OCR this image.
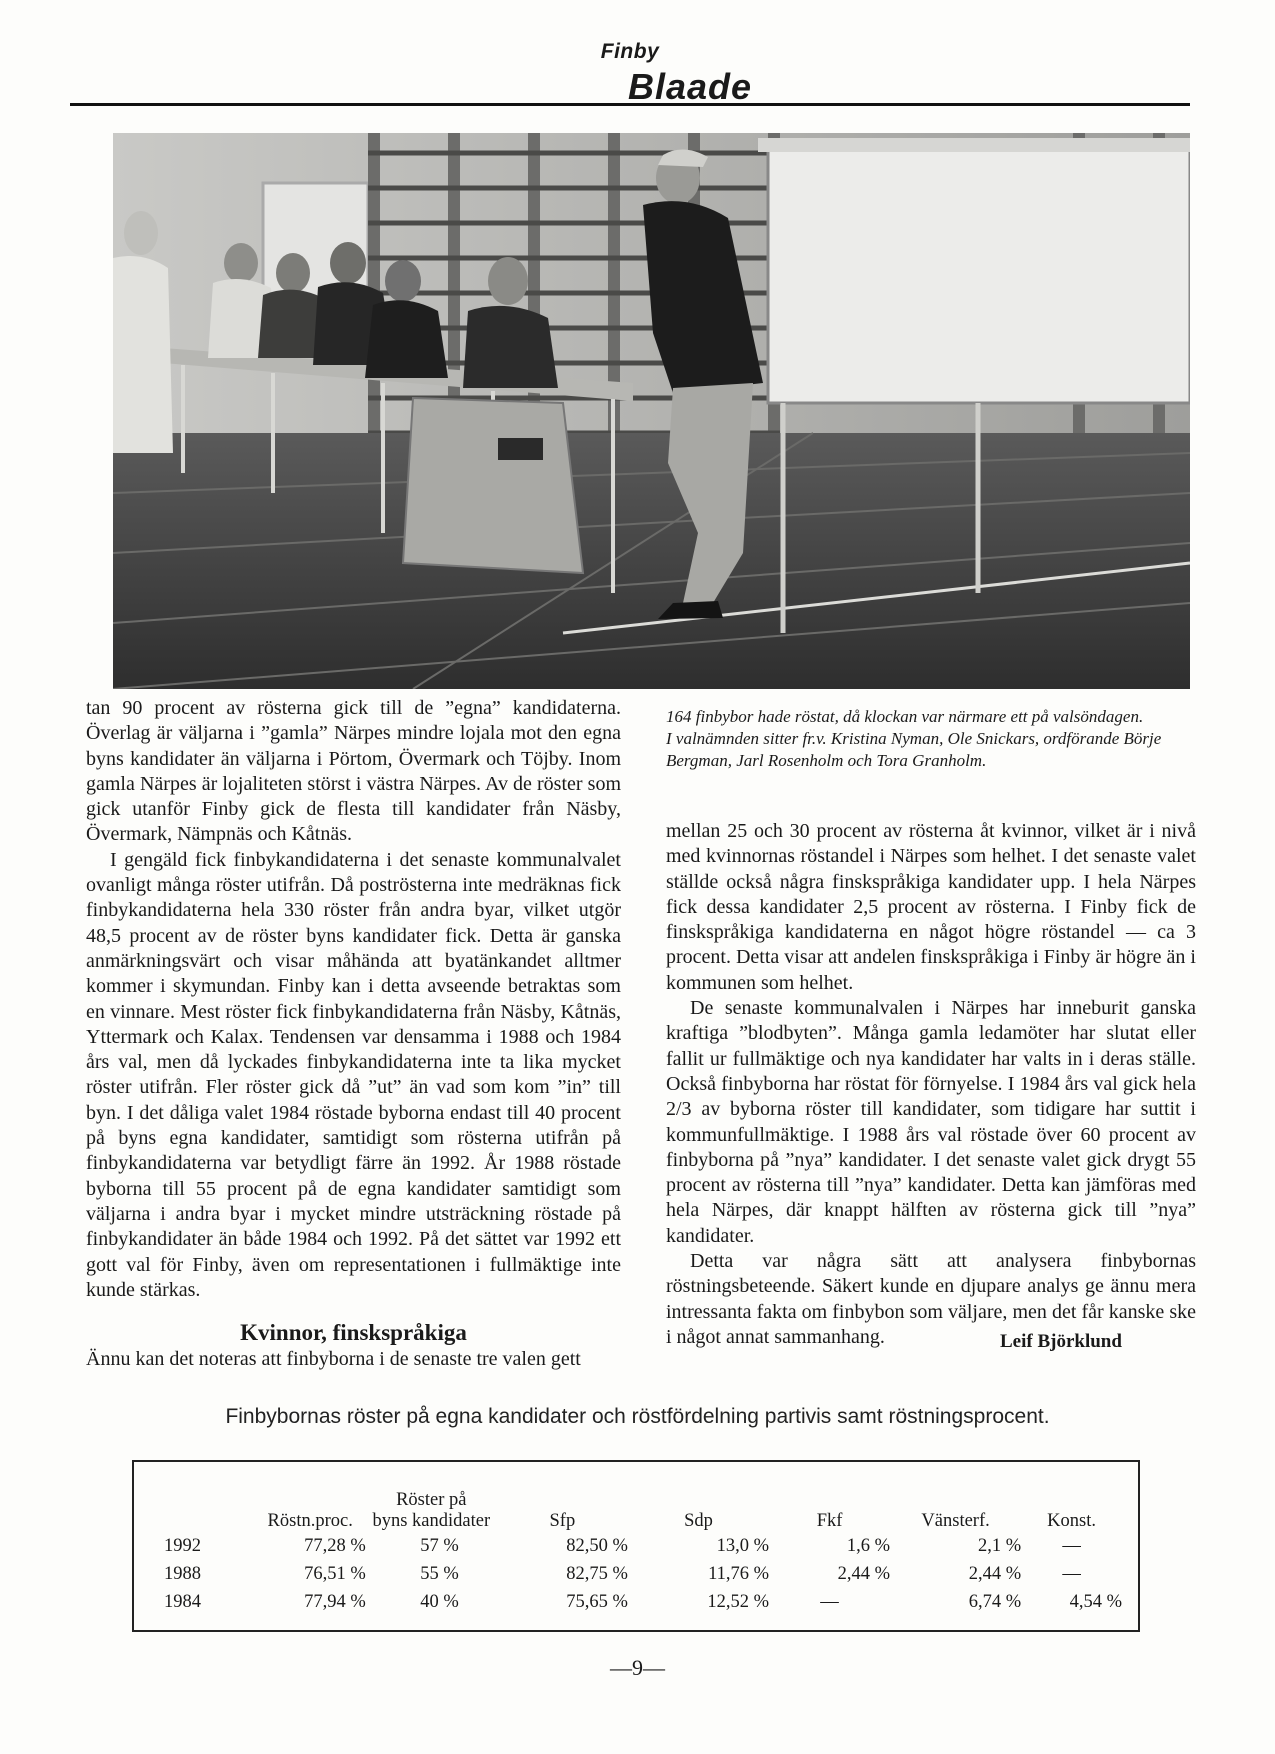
Finby
Blaade
164 finbybor hade röstat, då klockan var närmare ett på valsöndagen.
I valnämnden sitter fr.v. Kristina Nyman, Ole Snickars, ordförande Börje Bergman, Jarl Rosenholm och Tora Granholm.

tan 90 procent av rösterna gick till de ”egna” kandidaterna. Överlag är väljarna i ”gamla” Närpes mindre lojala mot den egna byns kandidater än väljarna i Pörtom, Övermark och Töjby. Inom gamla Närpes är lojaliteten störst i västra Närpes. Av de röster som gick utanför Finby gick de flesta till kandidater från Näsby, Övermark, Nämpnäs och Kåtnäs.

I gengäld fick finbykandidaterna i det senaste kommunalvalet ovanligt många röster utifrån. Då poströsterna inte medräknas fick finbykandidaterna hela 330 röster från andra byar, vilket utgör 48,5 procent av de röster byns kandidater fick. Detta är ganska anmärkningsvärt och visar måhända att byatänkandet alltmer kommer i skymundan. Finby kan i detta avseende betraktas som en vinnare. Mest röster fick finbykandidaterna från Näsby, Kåtnäs, Yttermark och Kalax. Tendensen var densamma i 1988 och 1984 års val, men då lyckades finbykandidaterna inte ta lika mycket röster utifrån. Fler röster gick då ”ut” än vad som kom ”in” till byn. I det dåliga valet 1984 röstade byborna endast till 40 procent på byns egna kandidater, samtidigt som rösterna utifrån på finbykandidaterna var betydligt färre än 1992. År 1988 röstade byborna till 55 procent på de egna kandidater samtidigt som väljarna i andra byar i mycket mindre utsträckning röstade på finbykandidater än både 1984 och 1992. På det sättet var 1992 ett gott val för Finby, även om representationen i fullmäktige inte kunde stärkas.

Kvinnor, finskspråkiga

Ännu kan det noteras att finbyborna i de senaste tre valen gett

mellan 25 och 30 procent av rösterna åt kvinnor, vilket är i nivå med kvinnornas röstandel i Närpes som helhet. I det senaste valet ställde också några finskspråkiga kandidater upp. I hela Närpes fick dessa kandidater 2,5 procent av rösterna. I Finby fick de finskspråkiga kandidaterna en något högre röstandel — ca 3 procent. Detta visar att andelen finskspråkiga i Finby är högre än i kommunen som helhet.

De senaste kommunalvalen i Närpes har inneburit ganska kraftiga ”blodbyten”. Många gamla ledamöter har slutat eller fallit ur fullmäktige och nya kandidater har valts in i deras ställe. Också finbyborna har röstat för förnyelse. I 1984 års val gick hela 2/3 av byborna röster till kandidater, som tidigare har suttit i kommunfullmäktige. I 1988 års val röstade över 60 procent av finbyborna på ”nya” kandidater. I det senaste valet gick drygt 55 procent av rösterna till ”nya” kandidater. Detta kan jämföras med hela Närpes, där knappt hälften av rösterna gick till ”nya” kandidater.

Detta var några sätt att analysera finbybornas röstningsbeteende. Säkert kunde en djupare analys ge ännu mera intressanta fakta om finbybon som väljare, men det får kanske ske i något annat sammanhang.	Leif Björklund
Finbybornas röster på egna kandidater och röstfördelning partivis samt röstningsprocent.
	Röstn.proc.	Röster på
byns kandidater	Sfp	Sdp	Fkf	Vänsterf.	Konst.
1992	77,28 %	57 %	82,50 %	13,0 %	1,6 %	2,1 %	—
1988	76,51 %	55 %	82,75 %	11,76 %	2,44 %	2,44 %	—
1984	77,94 %	40 %	75,65 %	12,52 %	—	6,74 %	4,54 %
—9—
